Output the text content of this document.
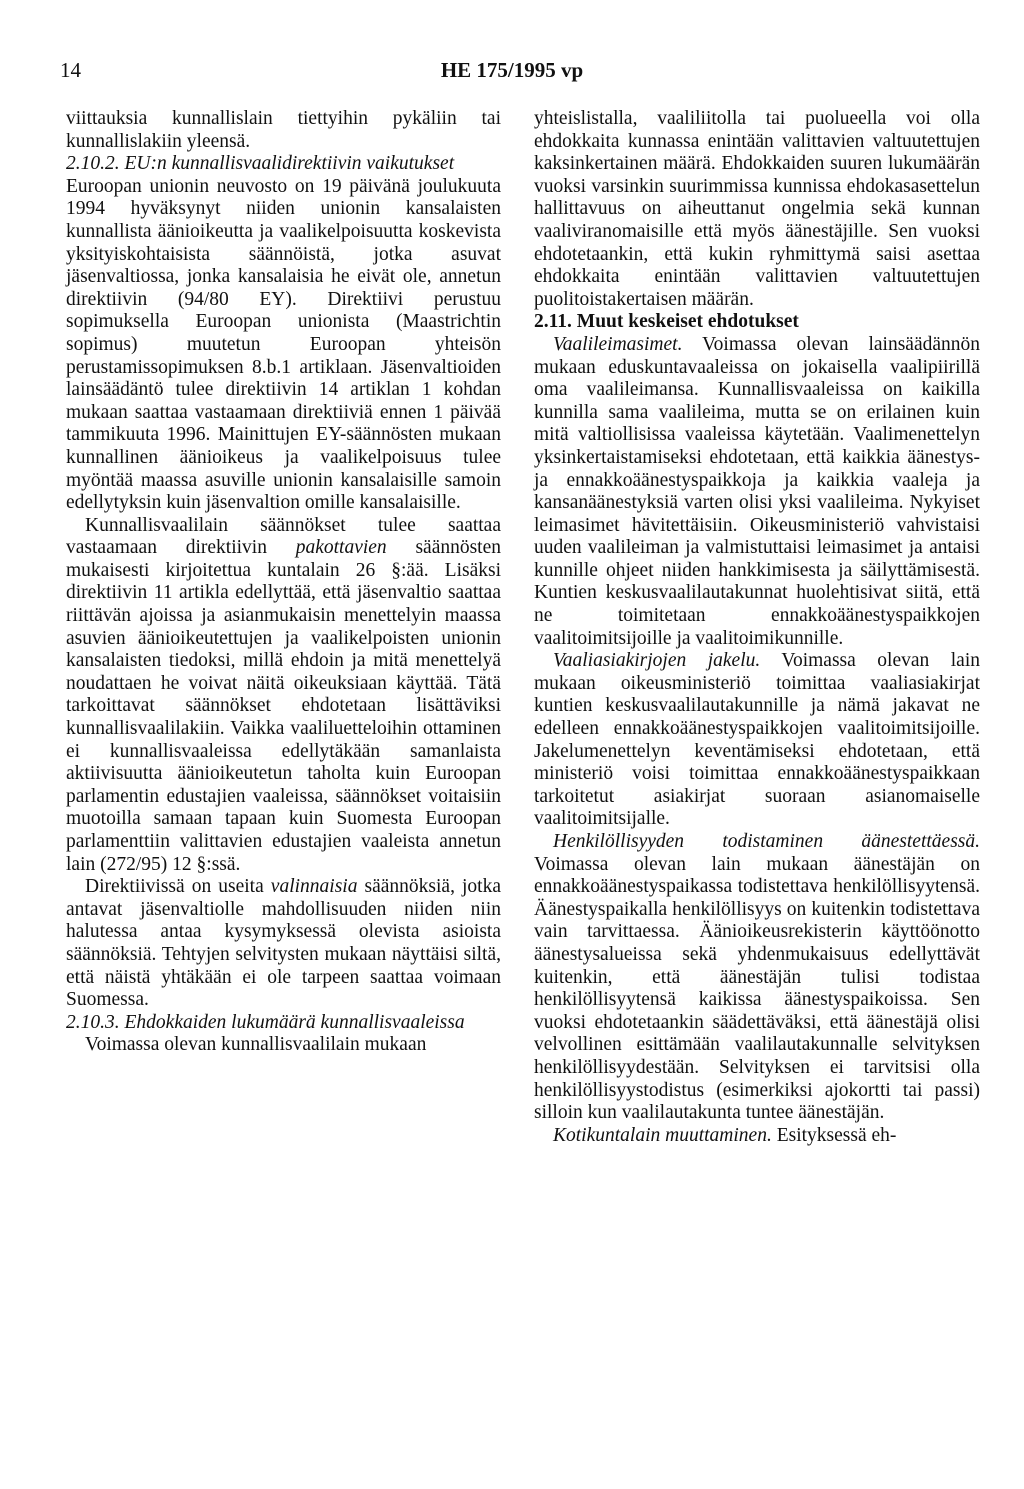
14	HE 175/1995 vp

viittauksia kunnallislain tiettyihin pykäliin tai kunnallislakiin yleensä.

2.10.2. EU:n kunnallisvaalidirektiivin vaikutukset

Euroopan unionin neuvosto on 19 päivänä joulukuuta 1994 hyväksynyt niiden unionin kansalaisten kunnallista äänioikeutta ja vaalikelpoisuutta koskevista yksityiskohtaisista säännöistä, jotka asuvat jäsenvaltiossa, jonka kansalaisia he eivät ole, annetun direktiivin (94/80 EY). Direktiivi perustuu sopimuksella Euroopan unionista (Maastrichtin sopimus) muutetun Euroopan yhteisön perustamissopimuksen 8.b.1 artiklaan. Jäsenvaltioiden lainsäädäntö tulee direktiivin 14 artiklan 1 kohdan mukaan saattaa vastaamaan direktiiviä ennen 1 päivää tammikuuta 1996. Mainittujen EY-säännösten mukaan kunnallinen äänioikeus ja vaalikelpoisuus tulee myöntää maassa asuville unionin kansalaisille samoin edellytyksin kuin jäsenvaltion omille kansalaisille.

Kunnallisvaalilain säännökset tulee saattaa vastaamaan direktiivin pakottavien säännösten mukaisesti kirjoitettua kuntalain 26 §:ää. Lisäksi direktiivin 11 artikla edellyttää, että jäsenvaltio saattaa riittävän ajoissa ja asianmukaisin menettelyin maassa asuvien äänioikeutettujen ja vaalikelpoisten unionin kansalaisten tiedoksi, millä ehdoin ja mitä menettelyä noudattaen he voivat näitä oikeuksiaan käyttää. Tätä tarkoittavat säännökset ehdotetaan lisättäviksi kunnallisvaalilakiin. Vaikka vaaliluetteloihin ottaminen ei kunnallisvaaleissa edellytäkään samanlaista aktiivisuutta äänioikeutetun taholta kuin Euroopan parlamentin edustajien vaaleissa, säännökset voitaisiin muotoilla samaan tapaan kuin Suomesta Euroopan parlamenttiin valittavien edustajien vaaleista annetun lain (272/95) 12 §:ssä.

Direktiivissä on useita valinnaisia säännöksiä, jotka antavat jäsenvaltiolle mahdollisuuden niiden niin halutessa antaa kysymyksessä olevista asioista säännöksiä. Tehtyjen selvitysten mukaan näyttäisi siltä, että näistä yhtäkään ei ole tarpeen saattaa voimaan Suomessa.

2.10.3. Ehdokkaiden lukumäärä kunnallisvaaleissa

Voimassa olevan kunnallisvaalilain mukaan

yhteislistalla, vaaliliitolla tai puolueella voi olla ehdokkaita kunnassa enintään valittavien valtuutettujen kaksinkertainen määrä. Ehdokkaiden suuren lukumäärän vuoksi varsinkin suurimmissa kunnissa ehdokasasettelun hallittavuus on aiheuttanut ongelmia sekä kunnan vaaliviranomaisille että myös äänestäjille. Sen vuoksi ehdotetaankin, että kukin ryhmittymä saisi asettaa ehdokkaita enintään valittavien valtuutettujen puolitoistakertaisen määrän.

2.11. Muut keskeiset ehdotukset

Vaalileimasimet. Voimassa olevan lainsäädännön mukaan eduskuntavaaleissa on jokaisella vaalipiirillä oma vaalileimansa. Kunnallisvaaleissa on kaikilla kunnilla sama vaalileima, mutta se on erilainen kuin mitä valtiollisissa vaaleissa käytetään. Vaalimenettelyn yksinkertaistamiseksi ehdotetaan, että kaikkia äänestys- ja ennakkoäänestyspaikkoja ja kaikkia vaaleja ja kansanäänestyksiä varten olisi yksi vaalileima. Nykyiset leimasimet hävitettäisiin. Oikeusministeriö vahvistaisi uuden vaalileiman ja valmistuttaisi leimasimet ja antaisi kunnille ohjeet niiden hankkimisesta ja säilyttämisestä. Kuntien keskusvaalilautakunnat huolehtisivat siitä, että ne toimitetaan ennakkoäänestyspaikkojen vaalitoimitsijoille ja vaalitoimikunnille.

Vaaliasiakirjojen jakelu. Voimassa olevan lain mukaan oikeusministeriö toimittaa vaaliasiakirjat kuntien keskusvaalilautakunnille ja nämä jakavat ne edelleen ennakkoäänestyspaikkojen vaalitoimitsijoille. Jakelumenettelyn keventämiseksi ehdotetaan, että ministeriö voisi toimittaa ennakkoäänestyspaikkaan tarkoitetut asiakirjat suoraan asianomaiselle vaalitoimitsijalle.

Henkilöllisyyden todistaminen äänestettäessä. Voimassa olevan lain mukaan äänestäjän on ennakkoäänestyspaikassa todistettava henkilöllisyytensä. Äänestyspaikalla henkilöllisyys on kuitenkin todistettava vain tarvittaessa. Äänioikeusrekisterin käyttöönotto äänestysalueissa sekä yhdenmukaisuus edellyttävät kuitenkin, että äänestäjän tulisi todistaa henkilöllisyytensä kaikissa äänestyspaikoissa. Sen vuoksi ehdotetaankin säädettäväksi, että äänestäjä olisi velvollinen esittämään vaalilautakunnalle selvityksen henkilöllisyydestään. Selvityksen ei tarvitsisi olla henkilöllisyystodistus (esimerkiksi ajokortti tai passi) silloin kun vaalilautakunta tuntee äänestäjän.

Kotikuntalain muuttaminen. Esityksessä eh-
